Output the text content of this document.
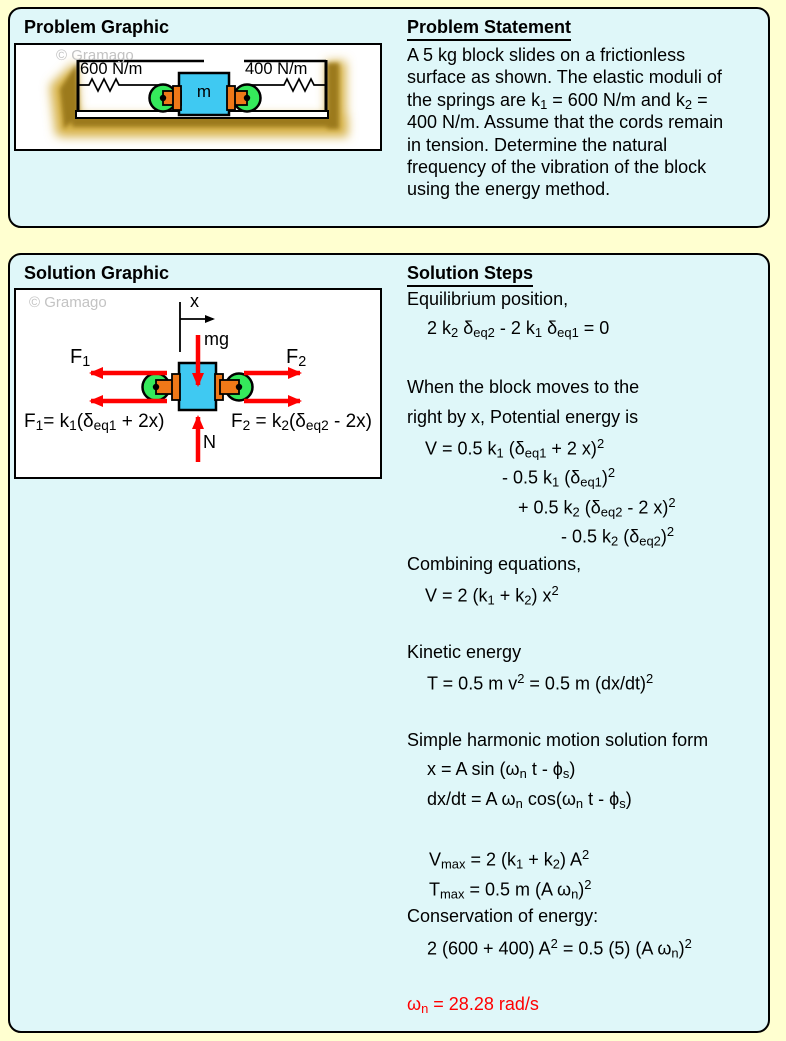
Problem Graphic	Problem Statement
© Gramago
600 N/m	400 N/m
m
A 5 kg block slides on a frictionless
surface as shown. The elastic moduli of
the springs are $k_1 = 600$ N/m and $k_2$ =
400 N/m. Assume that the cords remain
in tension. Determine the natural
frequency of the vibration of the block
using the energy method.
Solution Graphic	Solution Steps
© Gramago	x
mg
$F_1$	$F_2$
$F_1= k_1(\delta_{eq1} + 2x)$	$F_2 = k_2(\delta_{eq2} - 2x)$
N
Equilibrium position,
2 $k_2$ $\delta_{eq2} - 2$ $k_1$ $\delta_{eq1} = 0$

When the block moves to the
right by x, Potential energy is
V = 0.5 $k_1$ ($\delta_{eq1} + 2$ x)$^2$
- 0.5 $k_1$ $(\delta_{eq1})^2$
+ 0.5 $k_2$ ($\delta_{eq2} - 2$ x)$^2$
- 0.5 $k_2$ $(\delta_{eq2})^2$
Combining equations,
V = 2 $(k_1 + k_2)$ $x^2$

Kinetic energy
T = 0.5 m $v^2 = 0.5$ m $(dx/dt)^2$

Simple harmonic motion solution form
x = A $\sin (\omega_n$ t - $\phi_s$)
dx/dt = A $\omega_n$ $\cos(\omega_n$ t - $\phi_s$)

$V_{max} = 2$ $(k_1 + k_2)$ $A^2$
$T_{max} = 0.5$ m (A $\omega_n)^2$
Conservation of energy:
2 (600 + 400) $A^2 = 0.5$ (5) (A $\omega_n)^2$

$\omega_n = 28.28$ rad/s
